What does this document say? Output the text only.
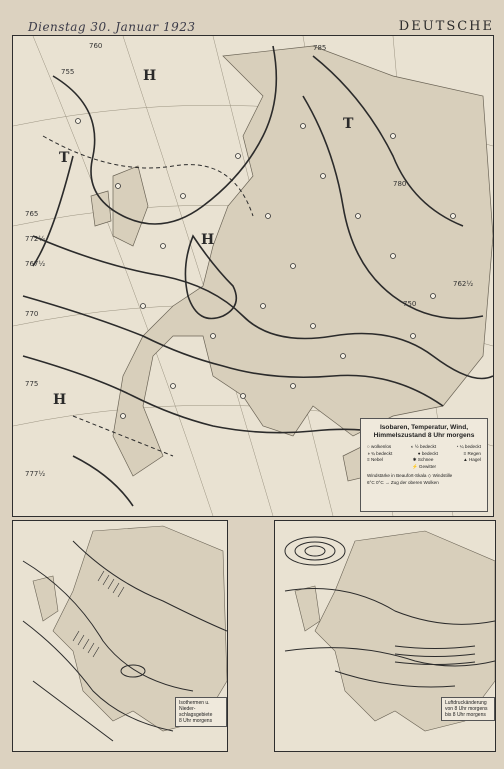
Dienstag 30. Januar 1923	DEUTSCHE
755
760
765
770
775
780
785
750
772½
767½
777½
762½
H
H
H
T
T
Isobaren, Temperatur, Wind,
Himmelszustand 8 Uhr morgens
○ wolkenlos	◐ ½ bedeckt	◔ ¼ bedeckt
◑ ¾ bedeckt	● bedeckt	≡ Regen
≡ Nebel	✱ Schnee	▲ Hagel
⚡ Gewitter
Windstärke in Beaufort-Skala ◇ Windstille
6°C 0°C → Zug der oberen Wolken
Isothermen u. Nieder-
schlagsgebiete
8 Uhr morgens
Luftdruckänderung
von 8 Uhr morgens
bis 8 Uhr morgens
